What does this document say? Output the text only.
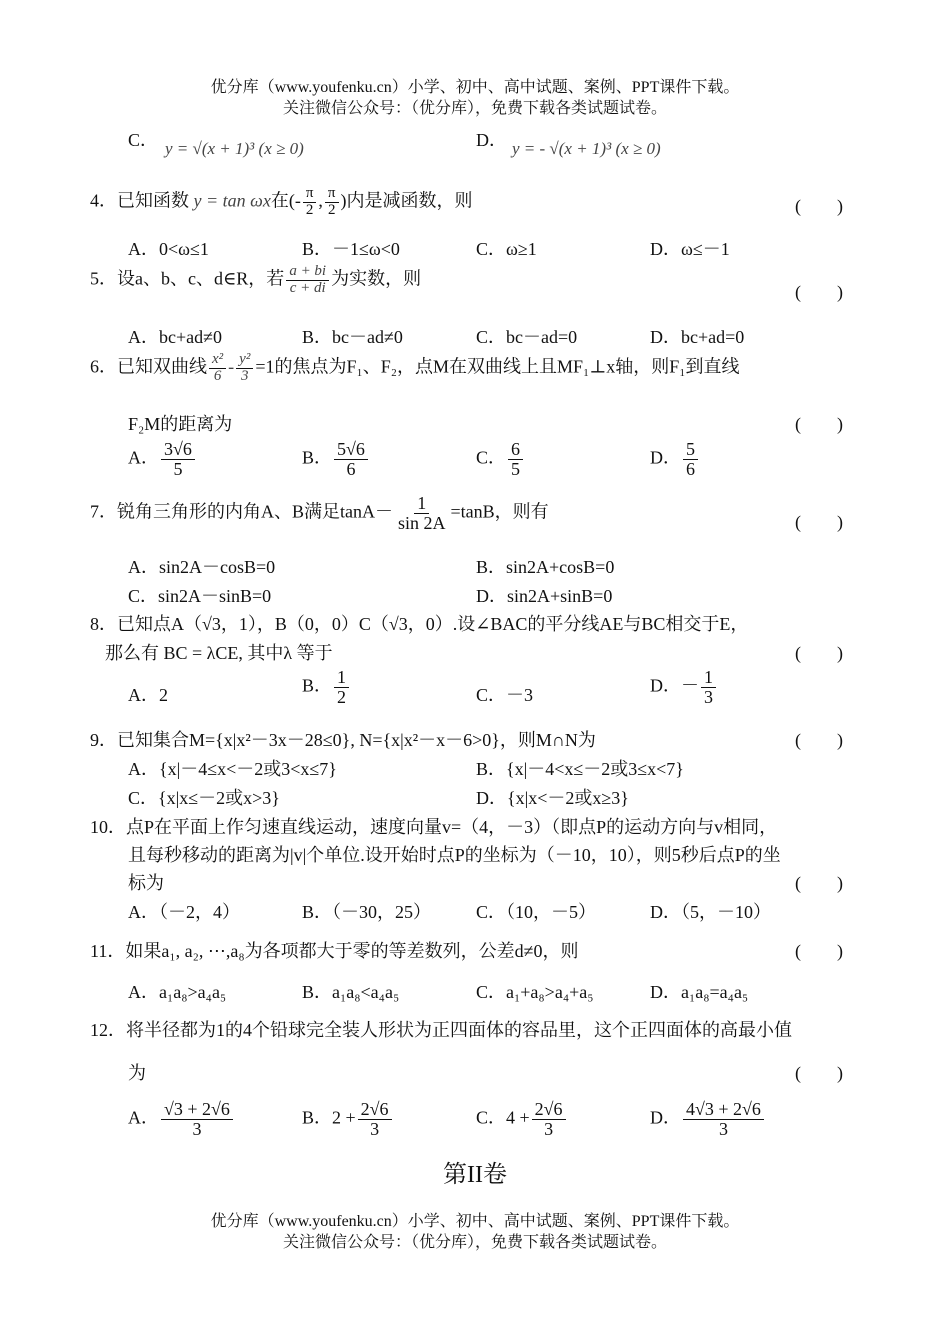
优分库（www.youfenku.cn）小学、初中、高中试题、案例、PPT课件下载。
关注微信公众号：（优分库），免费下载各类试题试卷。
C． y = √(x + 1)³ (x ≥ 0)	D． y = - √(x + 1)³ (x ≥ 0)
4．已知函数 y = tan ωx在(- $\frac{\pi}{2}$ , $\frac{\pi}{2}$ )内是减函数，则	(　　)
A．0<ω≤1	B．－1≤ω<0	C．ω≥1	D．ω≤－1
5．设a、b、c、d∈R，若 $\frac{a + bi}{c + di}$ 为实数，则
(　　)
A．bc+ad≠0	B．bc－ad≠0	C．bc－ad=0	D．bc+ad=0
6．已知双曲线 $\frac{\text{x²}}{6} - \frac{\text{y²}}{3} =1$的焦点为F₁、F₂，点M在双曲线上且MF₁⊥x轴，则F₁到直线
F₂M的距离为	(　　)
A． $\frac{3√6}{5}$	B． $\frac{5√6}{6}$	C． $\frac{6}{5}$	D． $\frac{5}{6}$
7．锐角三角形的内角A、B满足$\tan A- \frac{1}{\sin 2A} =\tan B$，则有
(　　)
A．sin2A－cosB=0	B．sin2A+cosB=0
C．sin2A－sinB=0	D．sin2A+sinB=0
8．已知点A（√3，1），B（0，0）C（√3，0）.设∠BAC的平分线AE与BC相交于E，
那么有 BC = λCE, 其中λ 等于	(　　)
A．2	B． $\frac{1}{2}$	C．－3	D．－ $\frac{1}{3}$
9．已知集合M={x|x²－3x－28≤0}, N={x|x²－x－6>0}，则M∩N为	(　　)
A．{x|－4≤x<－2或3<x≤7}	B．{x|－4<x≤－2或3≤x<7}
C．{x|x≤－2或x>3}	D．{x|x<－2或x≥3}
10．点P在平面上作匀速直线运动，速度向量v=（4，－3）（即点P的运动方向与v相同，
且每秒移动的距离为|v|个单位.设开始时点P的坐标为（－10，10），则5秒后点P的坐
标为	(　　)
A．（－2，4）	B．（－30，25） C．（10，－5）	D．（5，－10）
11．如果a₁, a₂, ⋯,a₈为各项都大于零的等差数列，公差d≠0，则	(　　)
A．a₁a₈>a₄a₅	B．a₁a₈<a₄a₅	C．a₁+a₈>a₄+a₅	D．a₁a₈=a₄a₅
12．将半径都为1的4个铅球完全装人形状为正四面体的容品里，这个正四面体的高最小值
为	(　　)
A． $\frac{√3 + 2√6}{3}$	B．$2 + \frac{2√6}{3}$	C．$4 + \frac{2√6}{3}$	D． $\frac{4√3 + 2√6}{3}$
第II卷
优分库（www.youfenku.cn）小学、初中、高中试题、案例、PPT课件下载。
关注微信公众号：（优分库），免费下载各类试题试卷。
